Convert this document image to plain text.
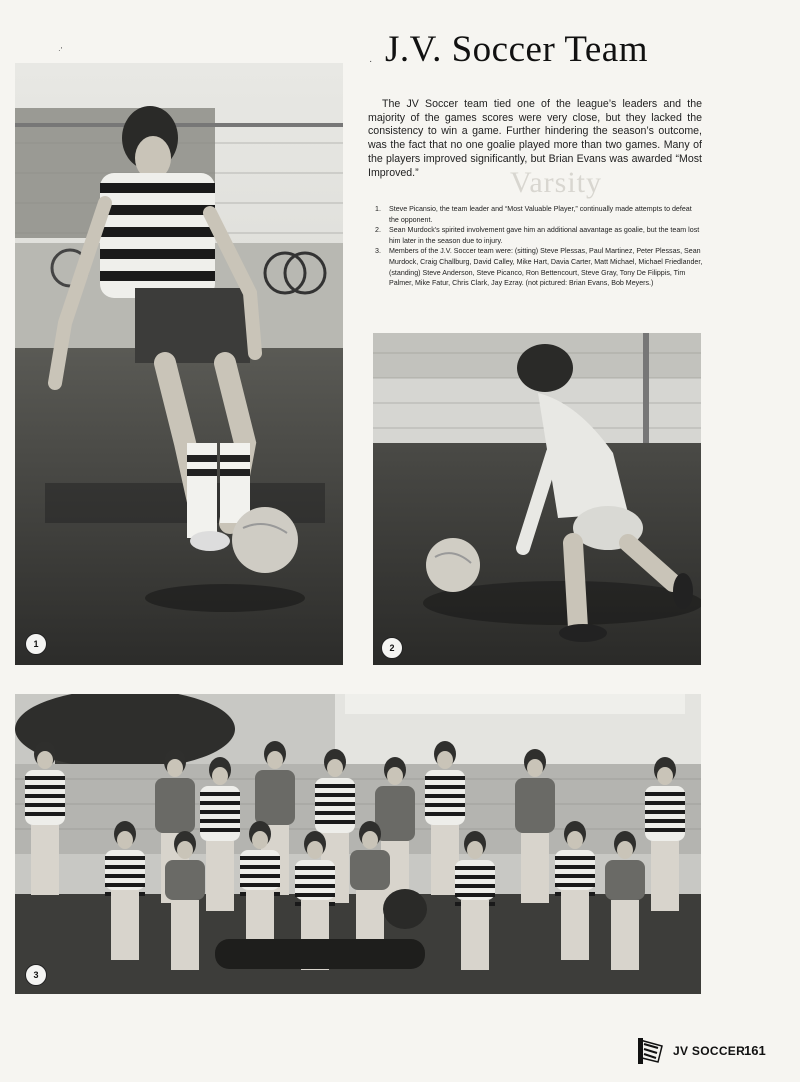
·'
· J.V. Soccer Team
Varsity

The JV Soccer team tied one of the league’s leaders and the majority of the games scores were very close, but they lacked the consistency to win a game. Further hindering the season’s outcome, was the fact that no one goalie played more than two games. Many of the players improved significantly, but Brian Evans was awarded “Most Improved.”

1.	Steve Picansio, the team leader and “Most Valuable Player,” continually made attempts to defeat the opponent.
2.	Sean Murdock’s spirited involvement gave him an additional aavantage as goalie, but the team lost him later in the season due to injury.
3.	Members of the J.V. Soccer team were: (sitting) Steve Plessas, Paul Martinez, Peter Plessas, Sean Murdock, Craig Challburg, David Calley, Mike Hart, Davia Carter, Matt Michael, Michael Friedlander, (standing) Steve Anderson, Steve Picanco, Ron Bettencourt, Steve Gray, Tony De Filippis, Tim Palmer, Mike Fatur, Chris Clark, Jay Ezray. (not pictured: Brian Evans, Bob Meyers.)
1	2
3
JV SOCCER
161
